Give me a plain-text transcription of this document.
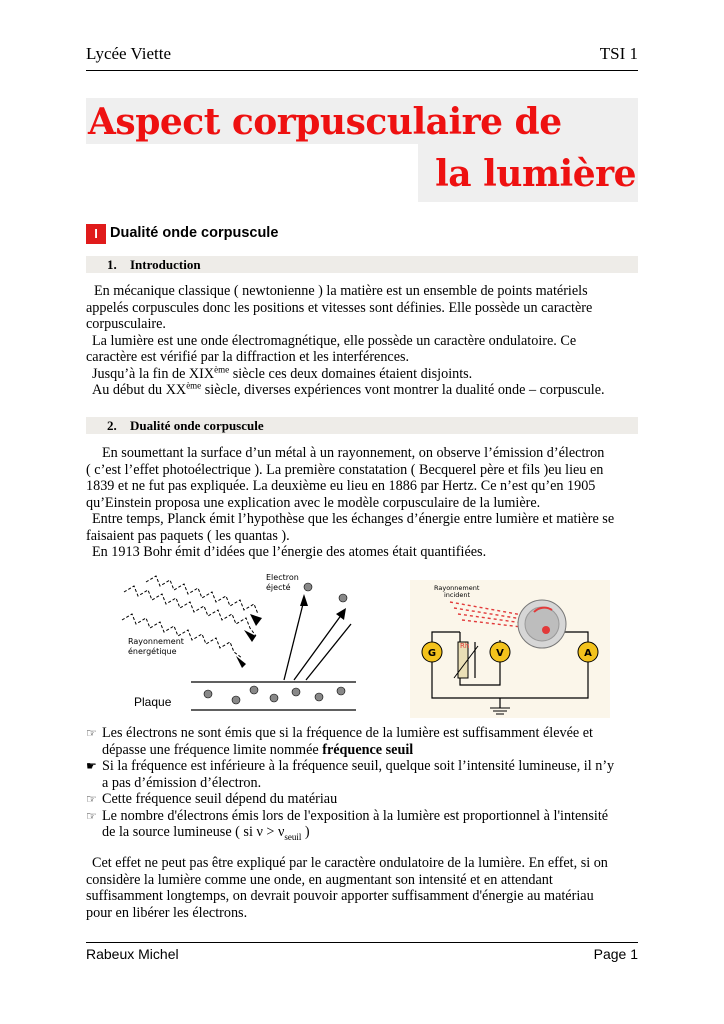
Lycée Viette	TSI 1
Aspect corpusculaire de
la lumière
I Dualité onde corpuscule
1. Introduction

En mécanique classique ( newtonienne ) la matière est un ensemble de points matériels

appelés corpuscules donc les positions et vitesses sont définies. Elle possède un caractère

corpusculaire.

La lumière est une onde électromagnétique, elle possède un caractère ondulatoire. Ce

caractère est vérifié par la diffraction et les interférences.

Jusqu’à la fin de XIXème siècle ces deux domaines étaient disjoints.

Au début du XXème siècle, diverses expériences vont montrer la dualité onde – corpuscule.

2. Dualité onde corpuscule

En soumettant la surface d’un métal à un rayonnement, on observe l’émission d’électron

( c’est l’effet photoélectrique ). La première constatation ( Becquerel père et fils )eu lieu en

1839 et ne fut pas expliquée. La deuxième eu lieu en 1886 par Hertz. Ce n’est qu’en 1905

qu’Einstein proposa une explication avec le modèle corpusculaire de la lumière.

Entre temps, Planck émit l’hypothèse que les échanges d’énergie entre lumière et matière se

faisaient pas paquets ( les quantas ).

En 1913 Bohr émit d’idées que l’énergie des atomes était quantifiées.

Electron
éjecté
Rayonnement
énergétique
Plaque
Rayonnement
incident
Rh
G	V	A
☞ Les électrons ne sont émis que si la fréquence de la lumière est suffisamment élevée et
dépasse une fréquence limite nommée fréquence seuil
☛ Si la fréquence est inférieure à la fréquence seuil, quelque soit l’intensité lumineuse, il n’y
a pas d’émission d’électron.
☞ Cette fréquence seuil dépend du matériau
☞ Le nombre d'électrons émis lors de l'exposition à la lumière est proportionnel à l'intensité
de la source lumineuse ( si $\nu > \nu_{seuil}$ )

Cet effet ne peut pas être expliqué par le caractère ondulatoire de la lumière. En effet, si on

considère la lumière comme une onde, en augmentant son intensité et en attendant

suffisamment longtemps, on devrait pouvoir apporter suffisamment d'énergie au matériau

pour en libérer les électrons.

Rabeux Michel	Page 1
